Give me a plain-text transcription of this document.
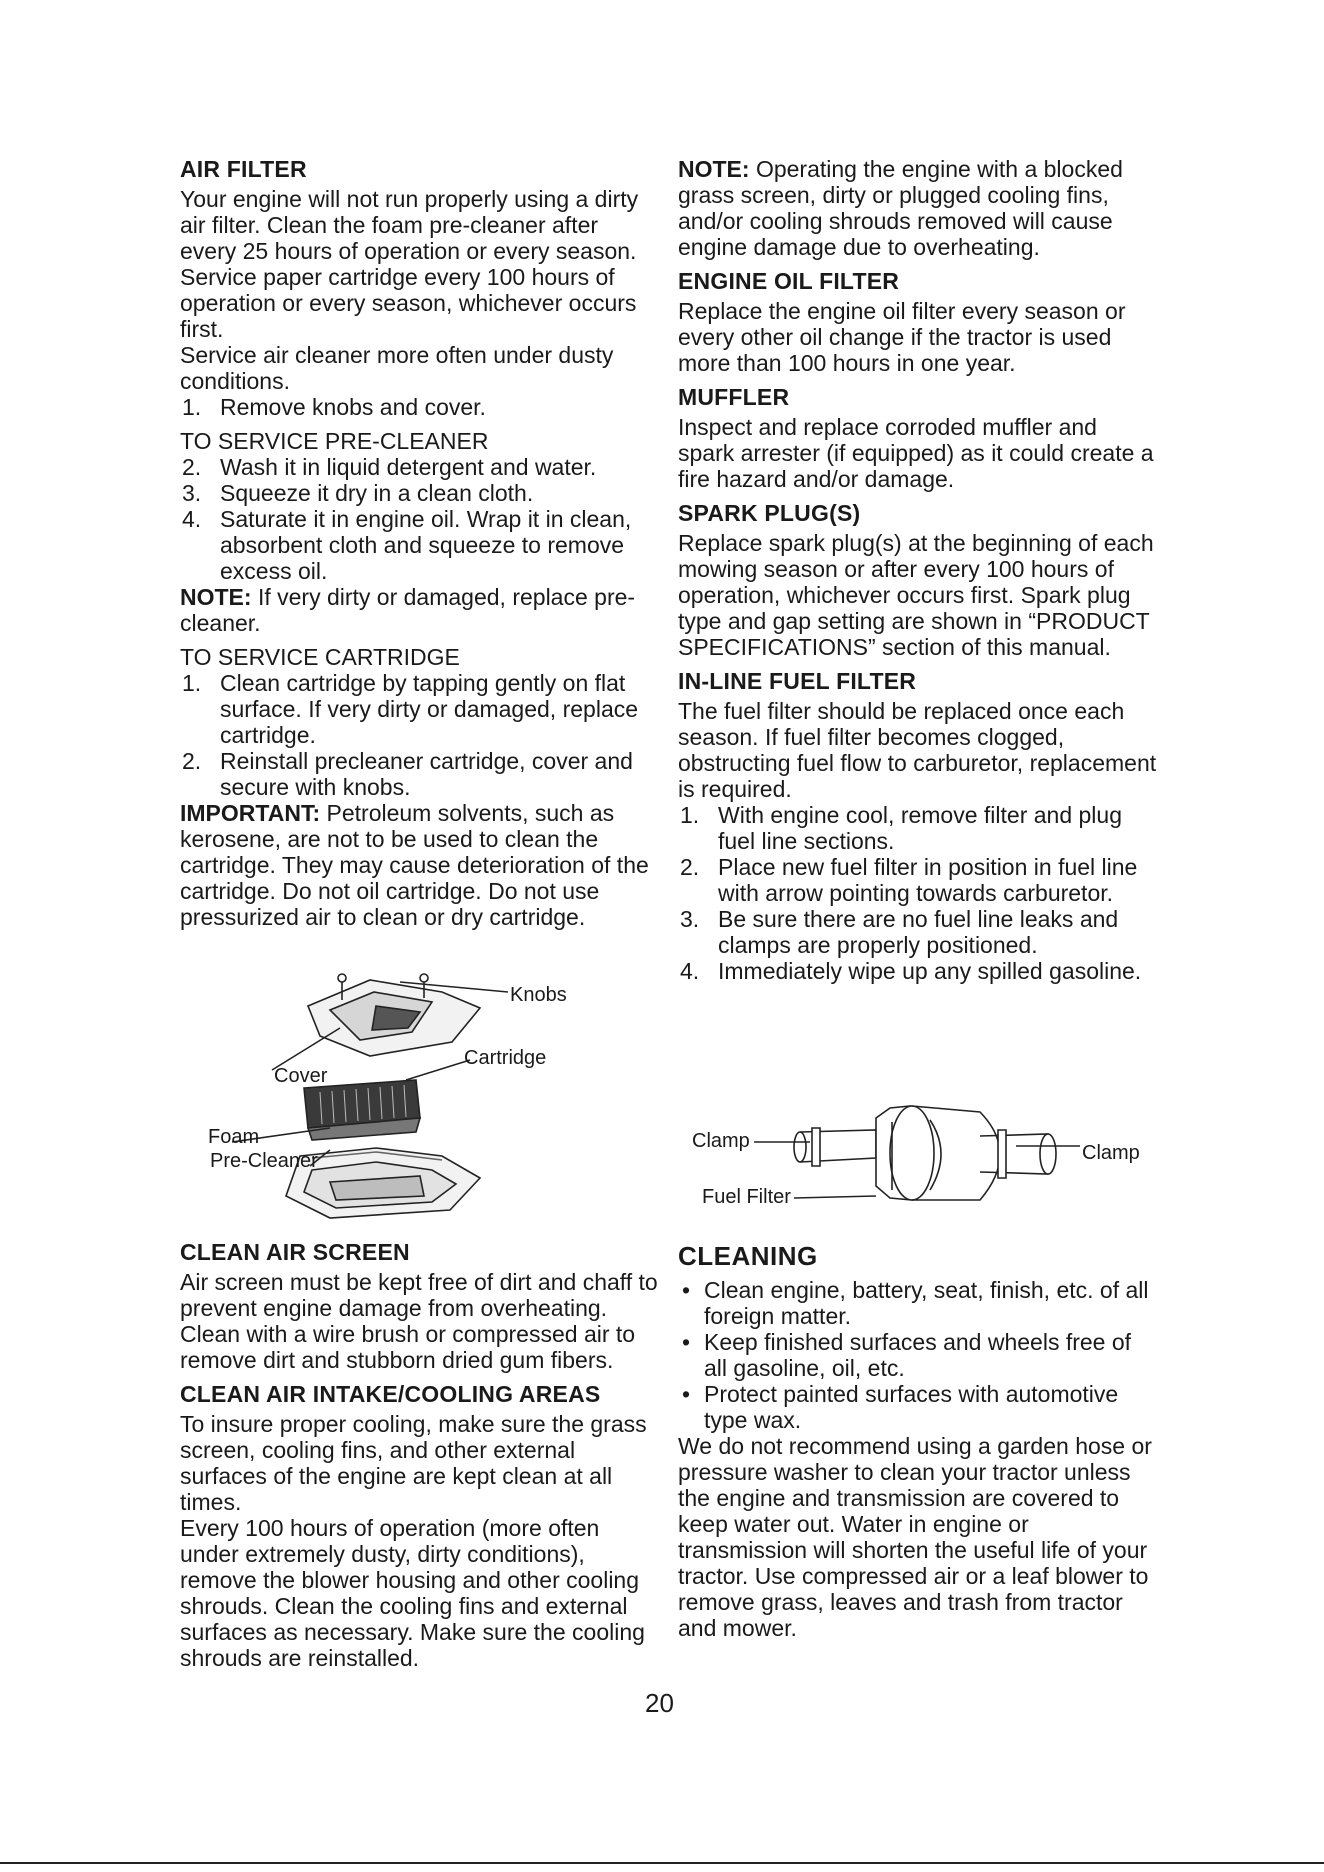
AIR FILTER

Your engine will not run properly using a dirty air filter. Clean the foam pre-cleaner after every 25 hours of operation or every season. Service paper cartridge every 100 hours of operation or every season, whichever occurs first.

Service air cleaner more often under dusty conditions.

1. Remove knobs and cover.

TO SERVICE PRE-CLEANER

2. Wash it in liquid detergent and water.
3. Squeeze it dry in a clean cloth.
4. Saturate it in engine oil. Wrap it in clean, absorbent cloth and squeeze to remove excess oil.

NOTE: If very dirty or damaged, replace pre-cleaner.

TO SERVICE CARTRIDGE

1. Clean cartridge by tapping gently on flat surface. If very dirty or damaged, replace cartridge.
2. Reinstall precleaner cartridge, cover and secure with knobs.

IMPORTANT: Petroleum solvents, such as kerosene, are not to be used to clean the cartridge. They may cause deterioration of the cartridge. Do not oil cartridge. Do not use pressurized air to clean or dry cartridge.

Knobs
Cartridge
Cover
Foam
Pre-Cleaner

NOTE: Operating the engine with a blocked grass screen, dirty or plugged cooling fins, and/or cooling shrouds removed will cause engine damage due to overheating.

ENGINE OIL FILTER

Replace the engine oil filter every season or every other oil change if the tractor is used more than 100 hours in one year.

MUFFLER

Inspect and replace corroded muffler and spark arrester (if equipped) as it could create a fire hazard and/or damage.

SPARK PLUG(S)

Replace spark plug(s) at the beginning of each mowing season or after every 100 hours of operation, whichever occurs first. Spark plug type and gap setting are shown in “PRODUCT SPECIFICATIONS” section of this manual.

IN-LINE FUEL FILTER

The fuel filter should be replaced once each season. If fuel filter becomes clogged, obstructing fuel flow to carburetor, replacement is required.

1. With engine cool, remove filter and plug fuel line sections.
2. Place new fuel filter in position in fuel line with arrow pointing towards carburetor.
3. Be sure there are no fuel line leaks and clamps are properly positioned.
4. Immediately wipe up any spilled gasoline.
Clamp
Clamp
Fuel Filter
CLEAN AIR SCREEN

Air screen must be kept free of dirt and chaff to prevent engine damage from overheating. Clean with a wire brush or compressed air to remove dirt and stubborn dried gum fibers.

CLEAN AIR INTAKE/COOLING AREAS

To insure proper cooling, make sure the grass screen, cooling fins, and other external surfaces of the engine are kept clean at all times.

Every 100 hours of operation (more often under extremely dusty, dirty conditions), remove the blower housing and other cooling shrouds. Clean the cooling fins and external surfaces as necessary. Make sure the cooling shrouds are reinstalled.

CLEANING
• Clean engine, battery, seat, finish, etc. of all foreign matter.
• Keep finished surfaces and wheels free of all gasoline, oil, etc.
• Protect painted surfaces with automotive type wax.

We do not recommend using a garden hose or pressure washer to clean your tractor unless the engine and transmission are covered to keep water out. Water in engine or transmission will shorten the useful life of your tractor. Use compressed air or a leaf blower to remove grass, leaves and trash from tractor and mower.

20
